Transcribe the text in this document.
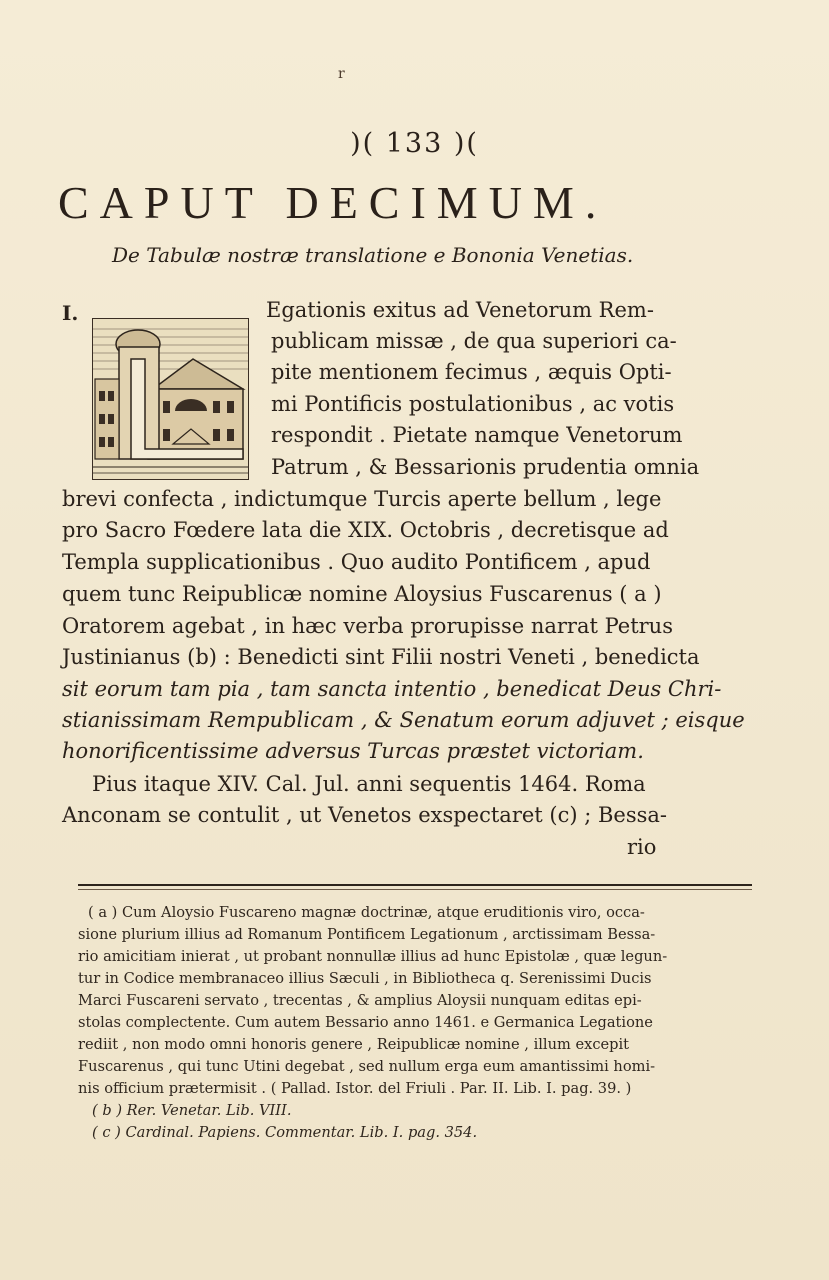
r
)( 133 )(
CAPUT DECIMUM.
De Tabulæ nostræ translatione e Bononia Venetias.
I.	Egationis exitus ad Venetorum Rem-
publicam missæ , de qua superiori ca-
pite mentionem fecimus , æquis Opti-
mi Pontificis postulationibus , ac votis
respondit . Pietate namque Venetorum
Patrum , & Bessarionis prudentia omnia
brevi confecta , indictumque Turcis aperte bellum , lege
pro Sacro Fœdere lata die XIX. Octobris , decretisque ad
Templa supplicationibus . Quo audito Pontificem , apud
quem tunc Reipublicæ nomine Aloysius Fuscarenus ( a )
Oratorem agebat , in hæc verba prorupisse narrat Petrus
Justinianus (b) : Benedicti sint Filii nostri Veneti , benedicta
sit eorum tam pia , tam sancta intentio , benedicat Deus Chri-
stianissimam Rempublicam , & Senatum eorum adjuvet ; eisque
honorificentissime adversus Turcas præstet victoriam.
Pius itaque XIV. Cal. Jul. anni sequentis 1464. Roma
Anconam se contulit , ut Venetos exspectaret (c) ; Bessa-
rio
( a ) Cum Aloysio Fuscareno magnæ doctrinæ, atque eruditionis viro, occa-
sione plurium illius ad Romanum Pontificem Legationum , arctissimam Bessa-
rio amicitiam inierat , ut probant nonnullæ illius ad hunc Epistolæ , quæ legun-
tur in Codice membranaceo illius Sæculi , in Bibliotheca q. Serenissimi Ducis
Marci Fuscareni servato , trecentas , & amplius Aloysii nunquam editas epi-
stolas complectente. Cum autem Bessario anno 1461. e Germanica Legatione
rediit , non modo omni honoris genere , Reipublicæ nomine , illum excepit
Fuscarenus , qui tunc Utini degebat , sed nullum erga eum amantissimi homi-
nis officium prætermisit . ( Pallad. Istor. del Friuli . Par. II. Lib. I. pag. 39. )
( b ) Rer. Venetar. Lib. VIII.
( c ) Cardinal. Papiens. Commentar. Lib. I. pag. 354.
